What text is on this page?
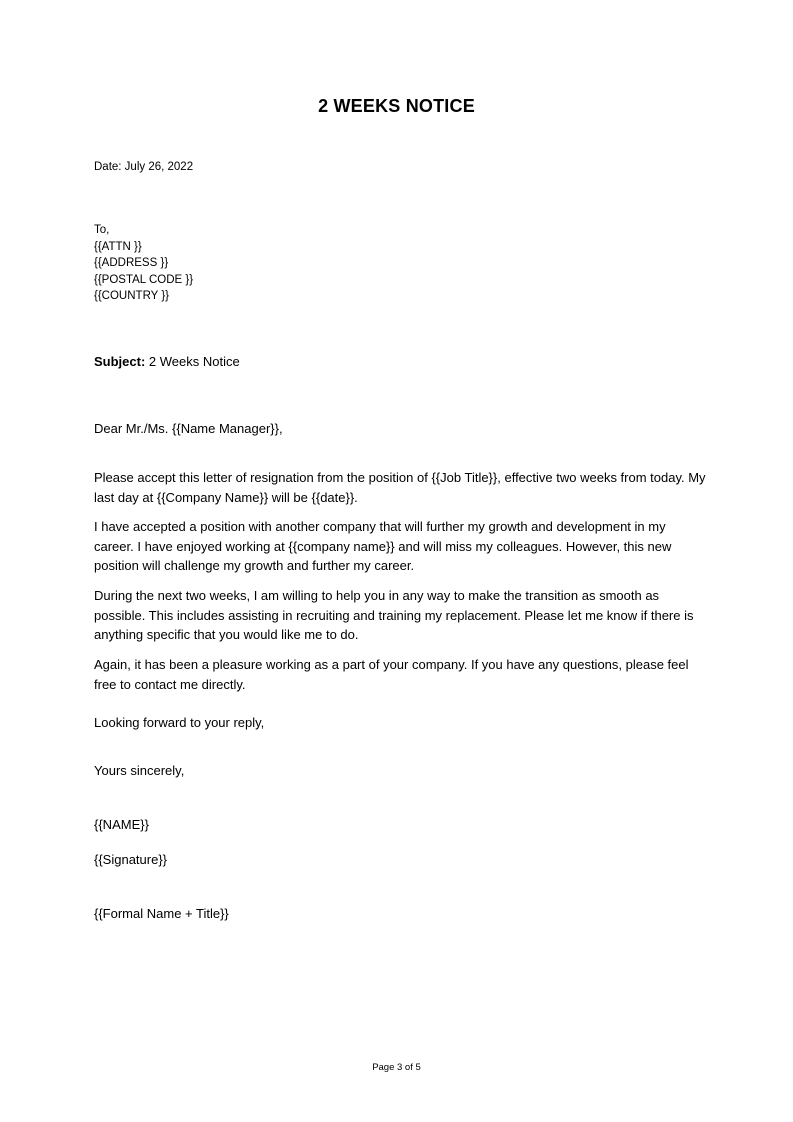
2 WEEKS NOTICE
Date: July 26, 2022
To,
{{ATTN }}
{{ADDRESS }}
{{POSTAL CODE }}
{{COUNTRY }}
Subject: 2 Weeks Notice
Dear Mr./Ms. {{Name Manager}},
Please accept this letter of resignation from the position of {{Job Title}}, effective two weeks from today. My last day at {{Company Name}} will be {{date}}.
I have accepted a position with another company that will further my growth and development in my career. I have enjoyed working at {{company name}} and will miss my colleagues. However, this new position will challenge my growth and further my career.
During the next two weeks, I am willing to help you in any way to make the transition as smooth as possible. This includes assisting in recruiting and training my replacement. Please let me know if there is anything specific that you would like me to do.
Again, it has been a pleasure working as a part of your company. If you have any questions, please feel free to contact me directly.
Looking forward to your reply,
Yours sincerely,
{{NAME}}
{{Signature}}
{{Formal Name + Title}}
Page 3 of 5
